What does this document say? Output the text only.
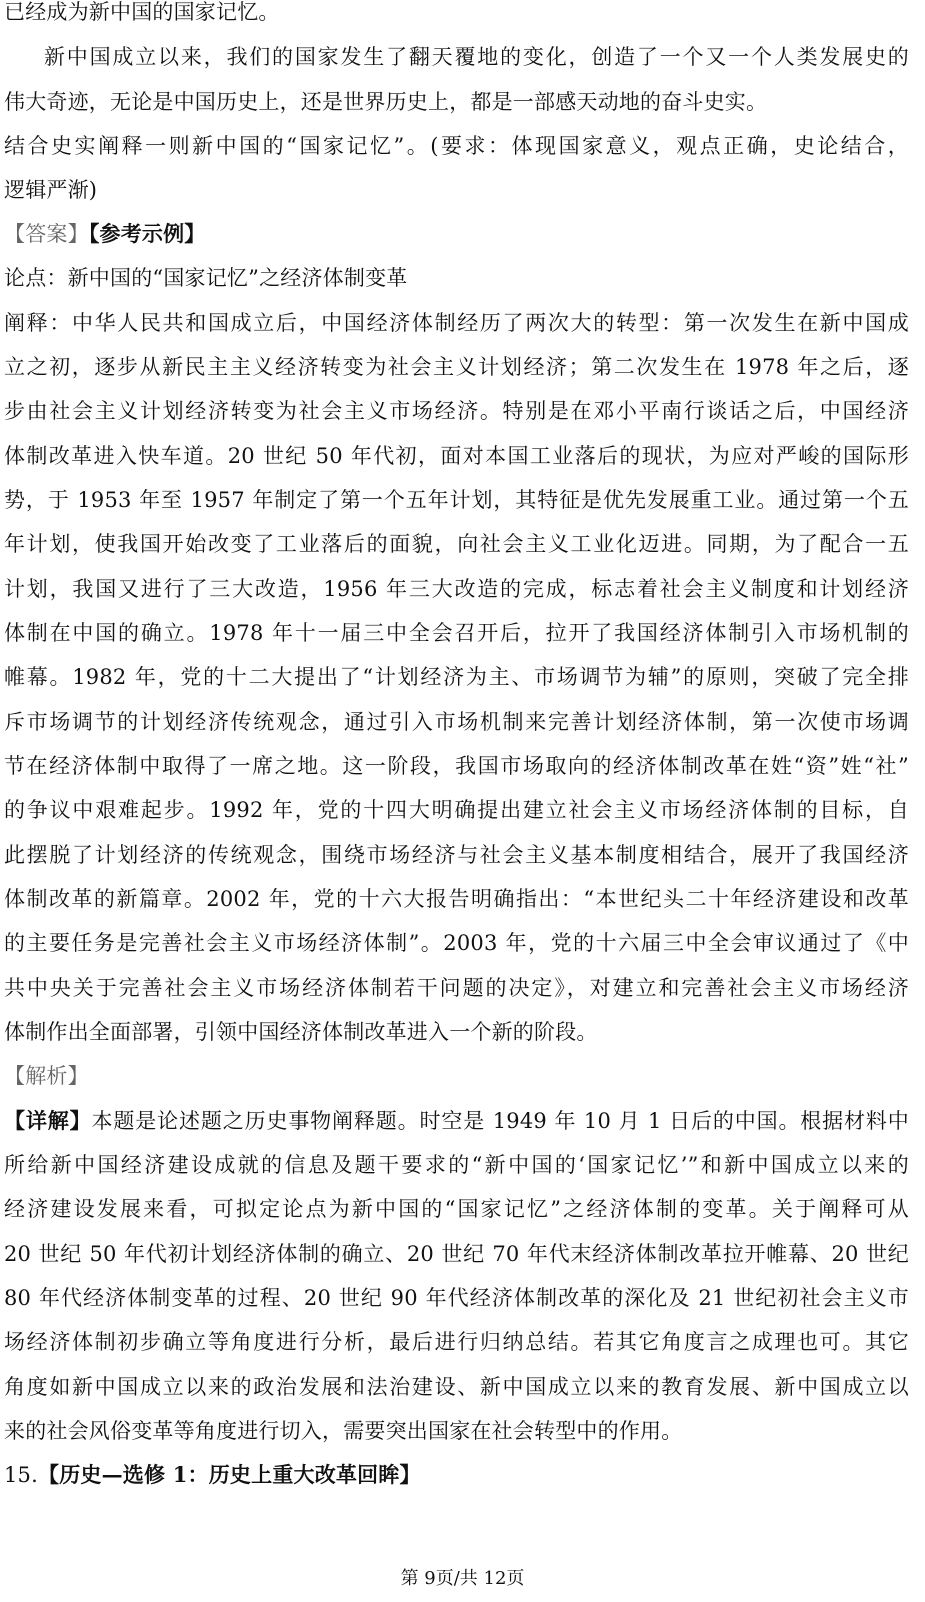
已经成为新中国的国家记忆。
新中国成立以来，我们的国家发生了翻天覆地的变化，创造了一个又一个人类发展史的
伟大奇迹，无论是中国历史上，还是世界历史上，都是一部感天动地的奋斗史实。
结合史实阐释一则新中国的“国家记忆”。(要求：体现国家意义，观点正确，史论结合，
逻辑严渐)
【答案】【参考示例】
论点：新中国的“国家记忆”之经济体制变革
阐释：中华人民共和国成立后，中国经济体制经历了两次大的转型：第一次发生在新中国成
立之初，逐步从新民主主义经济转变为社会主义计划经济；第二次发生在 1978 年之后，逐
步由社会主义计划经济转变为社会主义市场经济。特别是在邓小平南行谈话之后，中国经济
体制改革进入快车道。20 世纪 50 年代初，面对本国工业落后的现状，为应对严峻的国际形
势，于 1953 年至 1957 年制定了第一个五年计划，其特征是优先发展重工业。通过第一个五
年计划，使我国开始改变了工业落后的面貌，向社会主义工业化迈进。同期，为了配合一五
计划，我国又进行了三大改造，1956 年三大改造的完成，标志着社会主义制度和计划经济
体制在中国的确立。1978 年十一届三中全会召开后，拉开了我国经济体制引入市场机制的
帷幕。1982 年，党的十二大提出了“计划经济为主、市场调节为辅”的原则，突破了完全排
斥市场调节的计划经济传统观念，通过引入市场机制来完善计划经济体制，第一次使市场调
节在经济体制中取得了一席之地。这一阶段，我国市场取向的经济体制改革在姓“资”姓“社”
的争议中艰难起步。1992 年，党的十四大明确提出建立社会主义市场经济体制的目标，自
此摆脱了计划经济的传统观念，围绕市场经济与社会主义基本制度相结合，展开了我国经济
体制改革的新篇章。2002 年，党的十六大报告明确指出：“本世纪头二十年经济建设和改革
的主要任务是完善社会主义市场经济体制”。2003 年，党的十六届三中全会审议通过了《中
共中央关于完善社会主义市场经济体制若干问题的决定》，对建立和完善社会主义市场经济
体制作出全面部署，引领中国经济体制改革进入一个新的阶段。
【解析】
【详解】本题是论述题之历史事物阐释题。时空是 1949 年 10 月 1 日后的中国。根据材料中
所给新中国经济建设成就的信息及题干要求的“新中国的‘国家记忆’”和新中国成立以来的
经济建设发展来看，可拟定论点为新中国的“国家记忆”之经济体制的变革。关于阐释可从
20 世纪 50 年代初计划经济体制的确立、20 世纪 70 年代末经济体制改革拉开帷幕、20 世纪
80 年代经济体制变革的过程、20 世纪 90 年代经济体制改革的深化及 21 世纪初社会主义市
场经济体制初步确立等角度进行分析，最后进行归纳总结。若其它角度言之成理也可。其它
角度如新中国成立以来的政治发展和法治建设、新中国成立以来的教育发展、新中国成立以
来的社会风俗变革等角度进行切入，需要突出国家在社会转型中的作用。
15.【历史—选修 1：历史上重大改革回眸】
第 9页/共 12页
